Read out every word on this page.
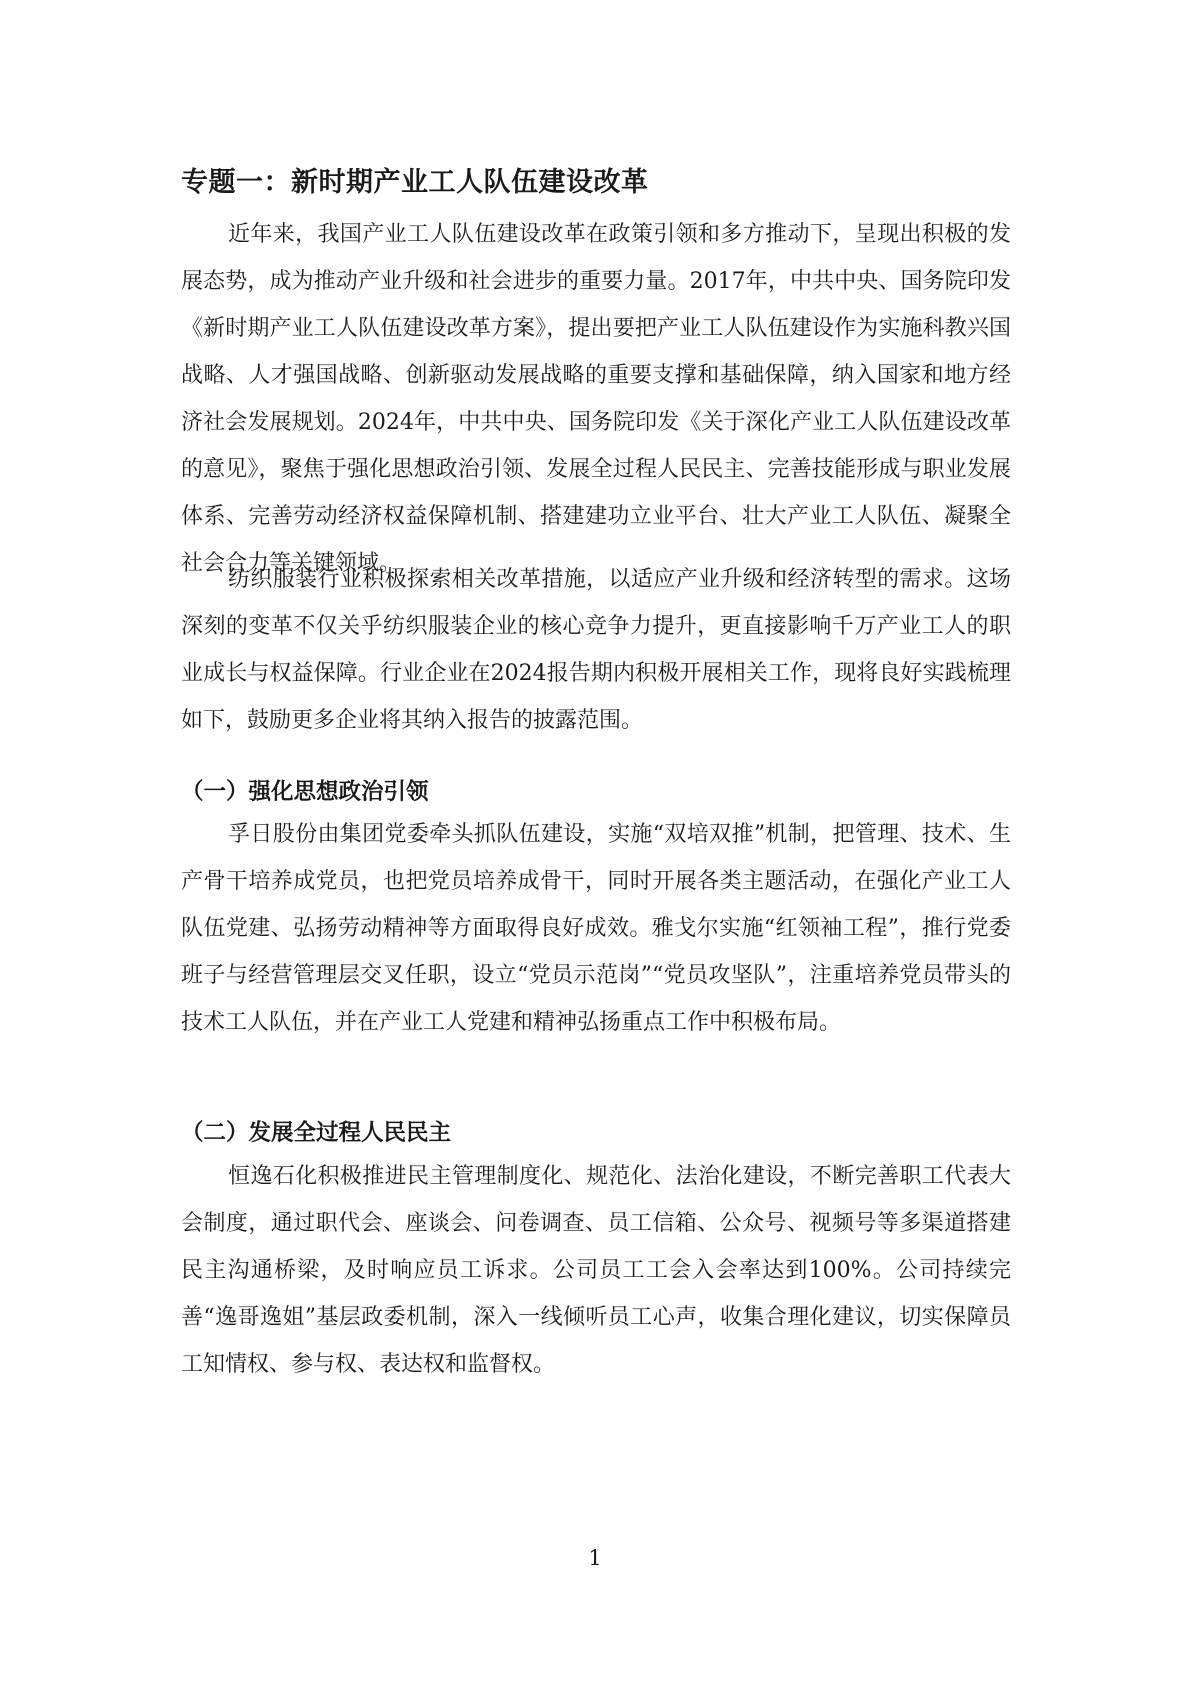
专题一：新时期产业工人队伍建设改革

近年来，我国产业工人队伍建设改革在政策引领和多方推动下，呈现出积极的发展态势，成为推动产业升级和社会进步的重要力量。2017年，中共中央、国务院印发《新时期产业工人队伍建设改革方案》，提出要把产业工人队伍建设作为实施科教兴国战略、人才强国战略、创新驱动发展战略的重要支撑和基础保障，纳入国家和地方经济社会发展规划。2024年，中共中央、国务院印发《关于深化产业工人队伍建设改革的意见》，聚焦于强化思想政治引领、发展全过程人民民主、完善技能形成与职业发展体系、完善劳动经济权益保障机制、搭建建功立业平台、壮大产业工人队伍、凝聚全社会合力等关键领域。

纺织服装行业积极探索相关改革措施，以适应产业升级和经济转型的需求。这场深刻的变革不仅关乎纺织服装企业的核心竞争力提升，更直接影响千万产业工人的职业成长与权益保障。行业企业在2024报告期内积极开展相关工作，现将良好实践梳理如下，鼓励更多企业将其纳入报告的披露范围。

（一）强化思想政治引领

孚日股份由集团党委牵头抓队伍建设，实施“双培双推”机制，把管理、技术、生产骨干培养成党员，也把党员培养成骨干，同时开展各类主题活动，在强化产业工人队伍党建、弘扬劳动精神等方面取得良好成效。雅戈尔实施“红领袖工程”，推行党委班子与经营管理层交叉任职，设立“党员示范岗”“党员攻坚队”，注重培养党员带头的技术工人队伍，并在产业工人党建和精神弘扬重点工作中积极布局。

（二）发展全过程人民民主

恒逸石化积极推进民主管理制度化、规范化、法治化建设，不断完善职工代表大会制度，通过职代会、座谈会、问卷调查、员工信箱、公众号、视频号等多渠道搭建民主沟通桥梁，及时响应员工诉求。公司员工工会入会率达到100%。公司持续完善“逸哥逸姐”基层政委机制，深入一线倾听员工心声，收集合理化建议，切实保障员工知情权、参与权、表达权和监督权。

1
